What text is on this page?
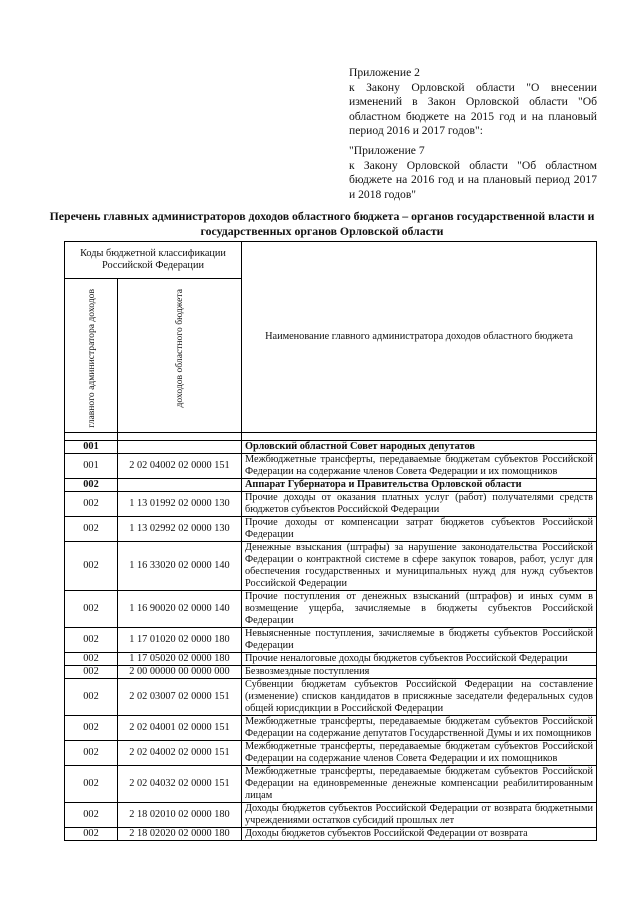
Приложение 2

к Закону Орловской области "О внесении изменений в Закон Орловской области "Об областном бюджете на 2015 год и на плановый период 2016 и 2017 годов":

"Приложение 7

к Закону Орловской области "Об областном бюджете на 2016 год и на плановый период 2017 и 2018 годов"

Перечень главных администраторов доходов областного бюджета – органов государственной власти и государственных органов Орловской области
Коды бюджетной классификации Российской Федерации		Наименование главного администратора доходов областного бюджета
главного администратора доходов	доходов областного бюджета	

001		Орловский областной Совет народных депутатов
001	2 02 04002 02 0000 151	Межбюджетные трансферты, передаваемые бюджетам субъектов Российской Федерации на содержание членов Совета Федерации и их помощников
002		Аппарат Губернатора и Правительства Орловской области
002	1 13 01992 02 0000 130	Прочие доходы от оказания платных услуг (работ) получателями средств бюджетов субъектов Российской Федерации
002	1 13 02992 02 0000 130	Прочие доходы от компенсации затрат бюджетов субъектов Российской Федерации
002	1 16 33020 02 0000 140	Денежные взыскания (штрафы) за нарушение законодательства Российской Федерации о контрактной системе в сфере закупок товаров, работ, услуг для обеспечения государственных и муниципальных нужд для нужд субъектов Российской Федерации
002	1 16 90020 02 0000 140	Прочие поступления от денежных взысканий (штрафов) и иных сумм в возмещение ущерба, зачисляемые в бюджеты субъектов Российской Федерации
002	1 17 01020 02 0000 180	Невыясненные поступления, зачисляемые в бюджеты субъектов Российской Федерации
002	1 17 05020 02 0000 180	Прочие неналоговые доходы бюджетов субъектов Российской Федерации
002	2 00 00000 00 0000 000	Безвозмездные поступления
002	2 02 03007 02 0000 151	Субвенции бюджетам субъектов Российской Федерации на составление (изменение) списков кандидатов в присяжные заседатели федеральных судов общей юрисдикции в Российской Федерации
002	2 02 04001 02 0000 151	Межбюджетные трансферты, передаваемые бюджетам субъектов Российской Федерации на содержание депутатов Государственной Думы и их помощников
002	2 02 04002 02 0000 151	Межбюджетные трансферты, передаваемые бюджетам субъектов Российской Федерации на содержание членов Совета Федерации и их помощников
002	2 02 04032 02 0000 151	Межбюджетные трансферты, передаваемые бюджетам субъектов Российской Федерации на единовременные денежные компенсации реабилитированным лицам
002	2 18 02010 02 0000 180	Доходы бюджетов субъектов Российской Федерации от возврата бюджетными учреждениями остатков субсидий прошлых лет
002	2 18 02020 02 0000 180	Доходы бюджетов субъектов Российской Федерации от возврата
